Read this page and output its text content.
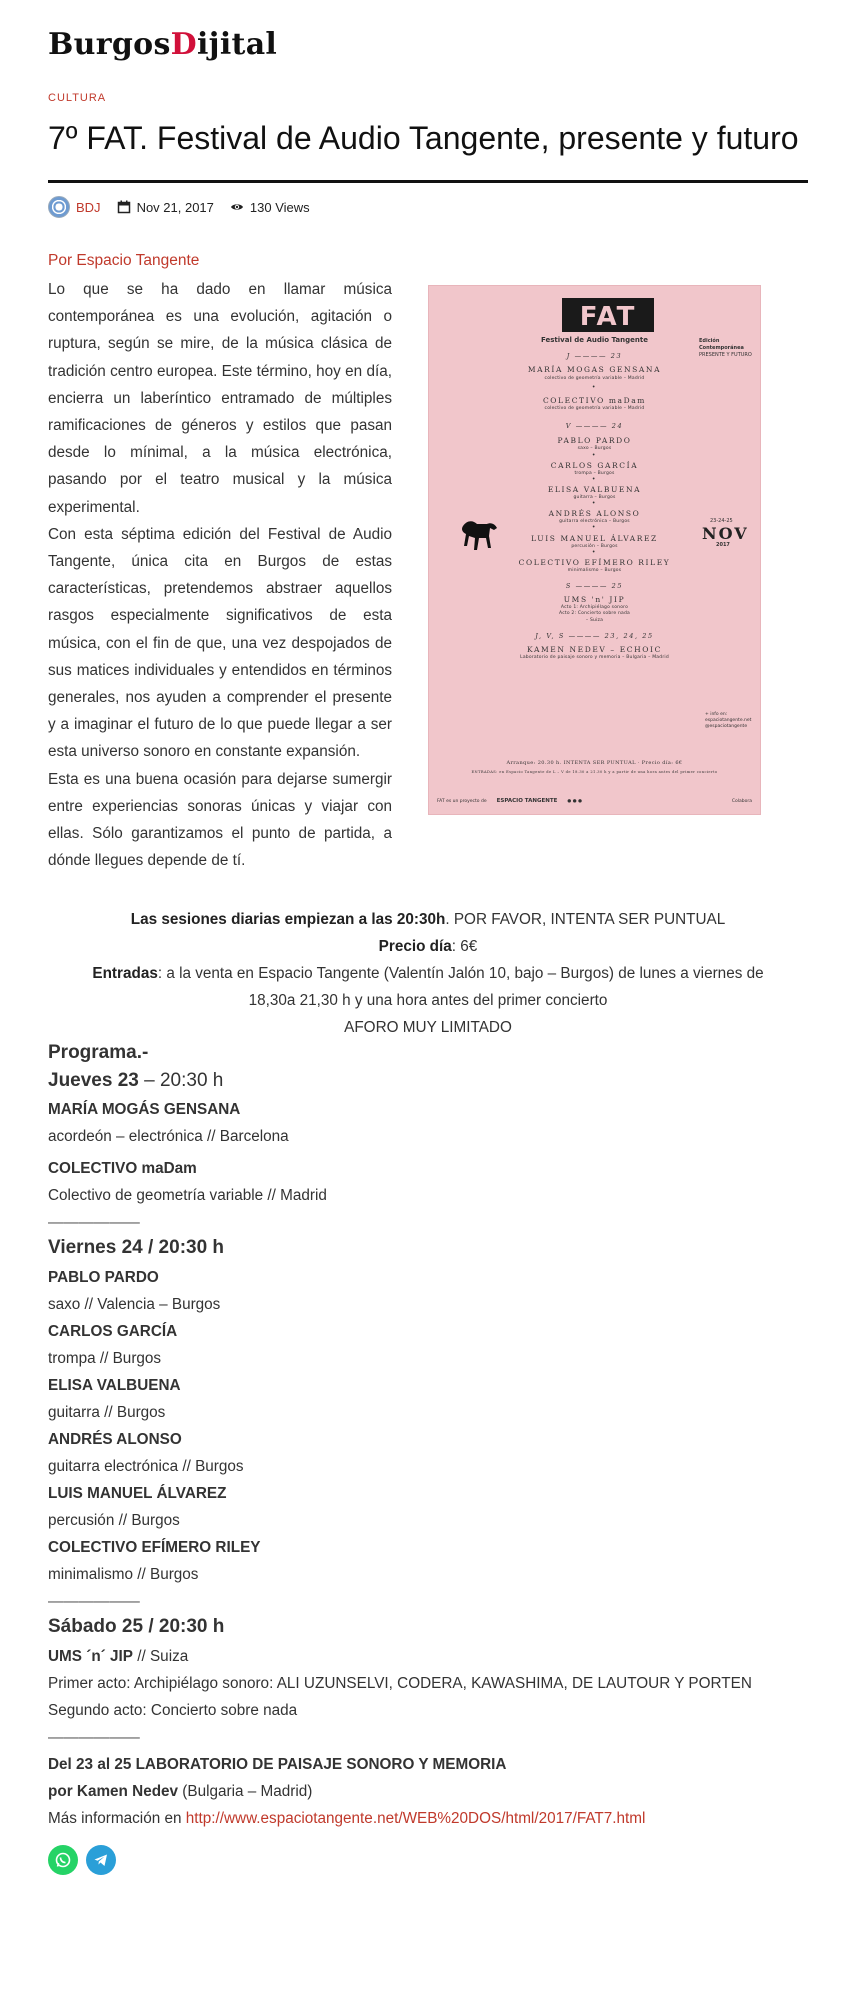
Burgos D ijital
CULTURA
7º FAT. Festival de Audio Tangente, presente y futuro
BDJ	Nov 21, 2017	130 Views
Por Espacio Tangente

Lo que se ha dado en llamar música contemporánea es una evolución, agitación o ruptura, según se mire, de la música clásica de tradición centro europea. Este término, hoy en día, encierra un laberíntico entramado de múltiples ramificaciones de géneros y estilos que pasan desde lo mínimal, a la música electrónica, pasando por el teatro musical y la música experimental.

Con esta séptima edición del Festival de Audio Tangente, única cita en Burgos de estas características, pretendemos abstraer aquellos rasgos especialmente significativos de esta música, con el fin de que, una vez despojados de sus matices individuales y entendidos en términos generales, nos ayuden a comprender el presente y a imaginar el futuro de lo que puede llegar a ser esta universo sonoro en constante expansión.

Esta es una buena ocasión para dejarse sumergir entre experiencias sonoras únicas y viajar con ellas. Sólo garantizamos el punto de partida, a dónde llegues depende de tí.

FAT
Festival de Audio Tangente	Edición Contemporánea
PRESENTE Y FUTURO
J ———— 23
MARÍA MOGAS GENSANA
colectivo de geometría variable – Madrid
•
COLECTIVO maDam
colectivo de geometría variable – Madrid
V ———— 24
PABLO PARDO
saxo – Burgos
•
CARLOS GARCÍA
trompa – Burgos
•
ELISA VALBUENA
guitarra – Burgos
•
ANDRÉS ALONSO
guitarra electrónica – Burgos
•
LUIS MANUEL ÁLVAREZ
percusión – Burgos
•
COLECTIVO EFÍMERO RILEY
minimalismo – Burgos
S ———— 25
UMS 'n' JIP
Acto 1: Archipiélago sonoro
Acto 2: Concierto sobre nada
– Suiza
J, V, S ———— 23, 24, 25
KAMEN NEDEV – ECHOIC
Laboratorio de paisaje sonoro y memoria – Bulgaria – Madrid
23-24-25
NOV
2017
+ info en:
espaciotangente.net
@espaciotangente
Arranque: 20.30 h. INTENTA SER PUNTUAL · Precio día: 6€
ENTRADAS: en Espacio Tangente de L – V de 18.30 a 21.30 h y a partir de una hora antes del primer concierto
FAT es un proyecto de ESPACIO TANGENTE ● ● ●	Colabora
Las sesiones diarias empiezan a las 20:30h. POR FAVOR, INTENTA SER PUNTUAL
Precio día: 6€
Entradas: a la venta en Espacio Tangente (Valentín Jalón 10, bajo – Burgos) de lunes a viernes de
18,30a 21,30 h y una hora antes del primer concierto
AFORO MUY LIMITADO
Programa.-
Jueves 23 – 20:30 h
MARÍA MOGÁS GENSANA
acordeón – electrónica // Barcelona
COLECTIVO maDam
Colectivo de geometría variable // Madrid
——————
Viernes 24 / 20:30 h
PABLO PARDO
saxo // Valencia – Burgos
CARLOS GARCÍA
trompa // Burgos
ELISA VALBUENA
guitarra // Burgos
ANDRÉS ALONSO
guitarra electrónica // Burgos
LUIS MANUEL ÁLVAREZ
percusión // Burgos
COLECTIVO EFÍMERO RILEY
minimalismo // Burgos
——————
Sábado 25 / 20:30 h
UMS ´n´ JIP // Suiza
Primer acto: Archipiélago sonoro: ALI UZUNSELVI, CODERA, KAWASHIMA, DE LAUTOUR Y PORTEN
Segundo acto: Concierto sobre nada
——————
Del 23 al 25 LABORATORIO DE PAISAJE SONORO Y MEMORIA
por Kamen Nedev (Bulgaria – Madrid)
Más información en http://www.espaciotangente.net/WEB%20DOS/html/2017/FAT7.html
